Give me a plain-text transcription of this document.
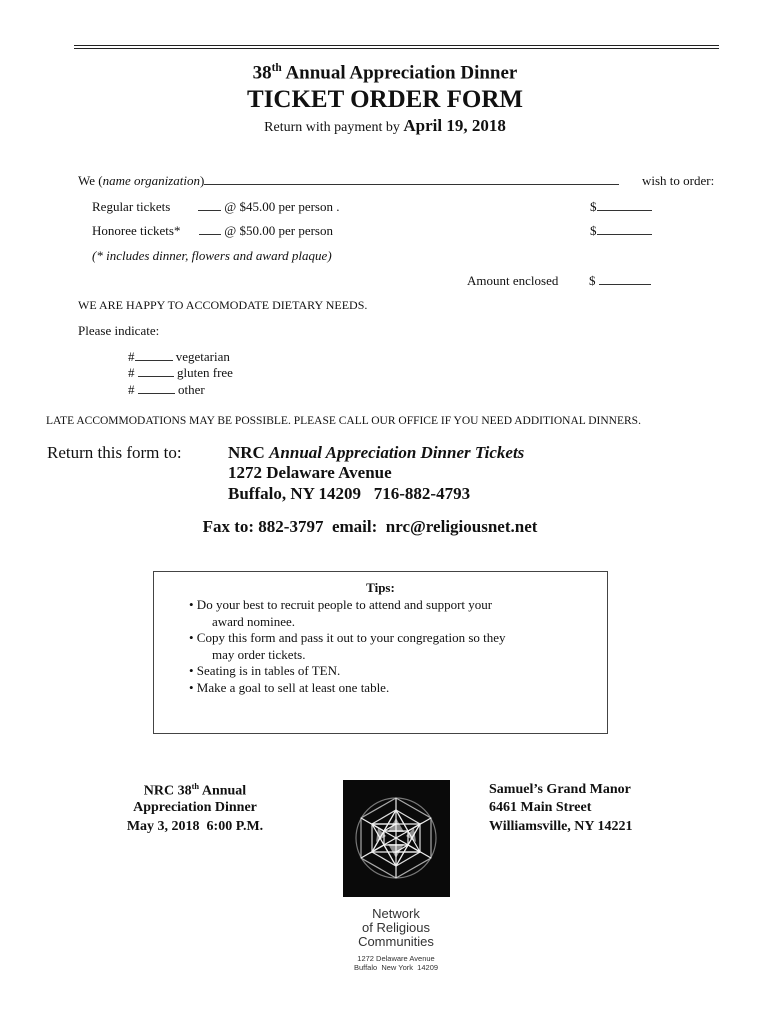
38th Annual Appreciation Dinner
TICKET ORDER FORM
Return with payment by April 19, 2018
We (name organization)	wish to order:
Regular tickets	@ $45.00 per person .	$
Honoree tickets*	@ $50.00 per person	$
(* includes dinner, flowers and award plaque)
Amount enclosed $
WE ARE HAPPY TO ACCOMODATE DIETARY NEEDS.
Please indicate:
#	vegetarian
#	gluten free
#	other
LATE ACCOMMODATIONS MAY BE POSSIBLE. PLEASE CALL OUR OFFICE IF YOU NEED ADDITIONAL DINNERS.
Return this form to:	NRC Annual Appreciation Dinner Tickets
1272 Delaware Avenue
Buffalo, NY 14209   716-882-4793
Fax to: 882-3797  email:  nrc@religiousnet.net
Tips:
• Do your best to recruit people to attend and support your
award nominee.
• Copy this form and pass it out to your congregation so they
may order tickets.
• Seating is in tables of TEN.
• Make a goal to sell at least one table.
NRC 38th Annual
Appreciation Dinner
May 3, 2018  6:00 P.M.
Samuel’s Grand Manor
6461 Main Street
Williamsville, NY 14221
Network
of Religious
Communities
1272 Delaware Avenue
Buffalo  New York  14209
